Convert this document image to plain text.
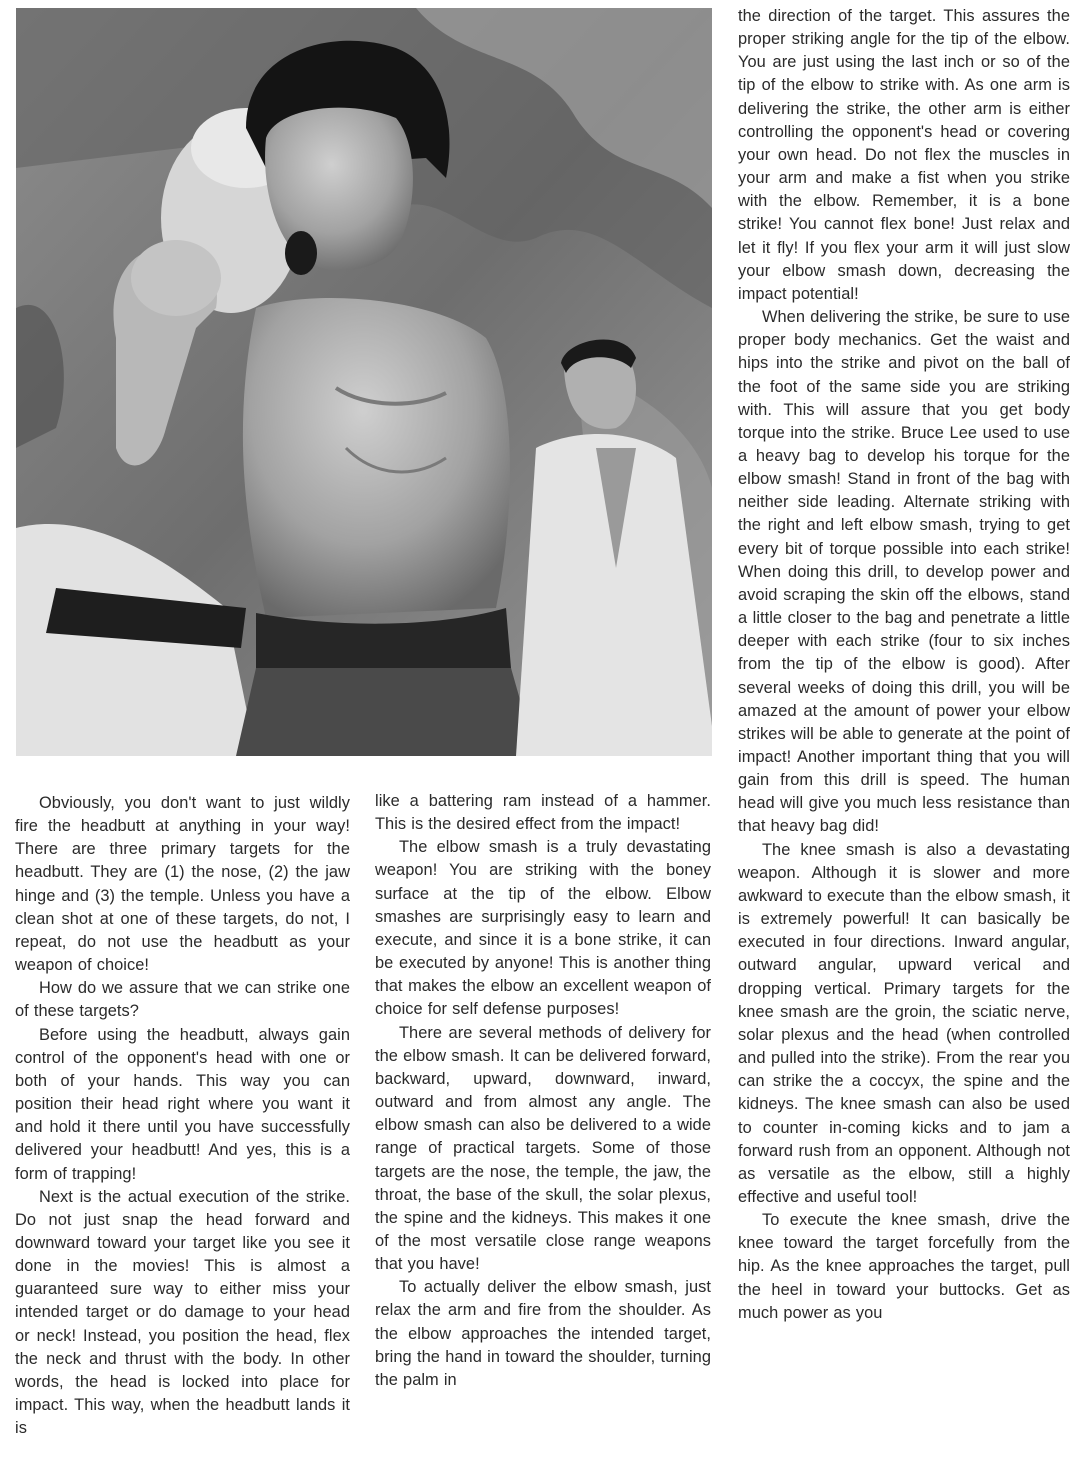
Obviously, you don't want to just wildly fire the headbutt at anything in your way! There are three primary targets for the headbutt. They are (1) the nose, (2) the jaw hinge and (3) the temple. Unless you have a clean shot at one of these targets, do not, I repeat, do not use the headbutt as your weapon of choice!

How do we assure that we can strike one of these targets?

Before using the headbutt, always gain control of the opponent's head with one or both of your hands. This way you can position their head right where you want it and hold it there until you have successfully delivered your headbutt! And yes, this is a form of trapping!

Next is the actual execution of the strike. Do not just snap the head forward and downward toward your target like you see it done in the movies! This is almost a guaranteed sure way to either miss your intended target or do damage to your head or neck! Instead, you position the head, flex the neck and thrust with the body. In other words, the head is locked into place for impact. This way, when the headbutt lands it is

like a battering ram instead of a hammer. This is the desired effect from the impact!

The elbow smash is a truly devastating weapon! You are striking with the boney surface at the tip of the elbow. Elbow smashes are surprisingly easy to learn and execute, and since it is a bone strike, it can be executed by anyone! This is another thing that makes the elbow an excellent weapon of choice for self defense purposes!

There are several methods of delivery for the elbow smash. It can be delivered forward, backward, upward, downward, inward, outward and from almost any angle. The elbow smash can also be delivered to a wide range of practical targets. Some of those targets are the nose, the temple, the jaw, the throat, the base of the skull, the solar plexus, the spine and the kidneys. This makes it one of the most versatile close range weapons that you have!

To actually deliver the elbow smash, just relax the arm and fire from the shoulder. As the elbow approaches the intended target, bring the hand in toward the shoulder, turning the palm in

the direction of the target. This assures the proper striking angle for the tip of the elbow. You are just using the last inch or so of the tip of the elbow to strike with. As one arm is delivering the strike, the other arm is either controlling the opponent's head or covering your own head. Do not flex the muscles in your arm and make a fist when you strike with the elbow. Remember, it is a bone strike! You cannot flex bone! Just relax and let it fly! If you flex your arm it will just slow your elbow smash down, decreasing the impact potential!

When delivering the strike, be sure to use proper body mechanics. Get the waist and hips into the strike and pivot on the ball of the foot of the same side you are striking with. This will assure that you get body torque into the strike. Bruce Lee used to use a heavy bag to develop his torque for the elbow smash! Stand in front of the bag with neither side leading. Alternate striking with the right and left elbow smash, trying to get every bit of torque possible into each strike! When doing this drill, to develop power and avoid scraping the skin off the elbows, stand a little closer to the bag and penetrate a little deeper with each strike (four to six inches from the tip of the elbow is good). After several weeks of doing this drill, you will be amazed at the amount of power your elbow strikes will be able to generate at the point of impact! Another important thing that you will gain from this drill is speed. The human head will give you much less resistance than that heavy bag did!

The knee smash is also a devastating weapon. Although it is slower and more awkward to execute than the elbow smash, it is extremely powerful! It can basically be executed in four directions. Inward angular, outward angular, upward verical and dropping vertical. Primary targets for the knee smash are the groin, the sciatic nerve, solar plexus and the head (when controlled and pulled into the strike). From the rear you can strike the a coccyx, the spine and the kidneys. The knee smash can also be used to counter in-coming kicks and to jam a forward rush from an opponent. Although not as versatile as the elbow, still a highly effective and useful tool!

To execute the knee smash, drive the knee toward the target forcefully from the hip. As the knee approaches the target, pull the heel in toward your buttocks. Get as much power as you
